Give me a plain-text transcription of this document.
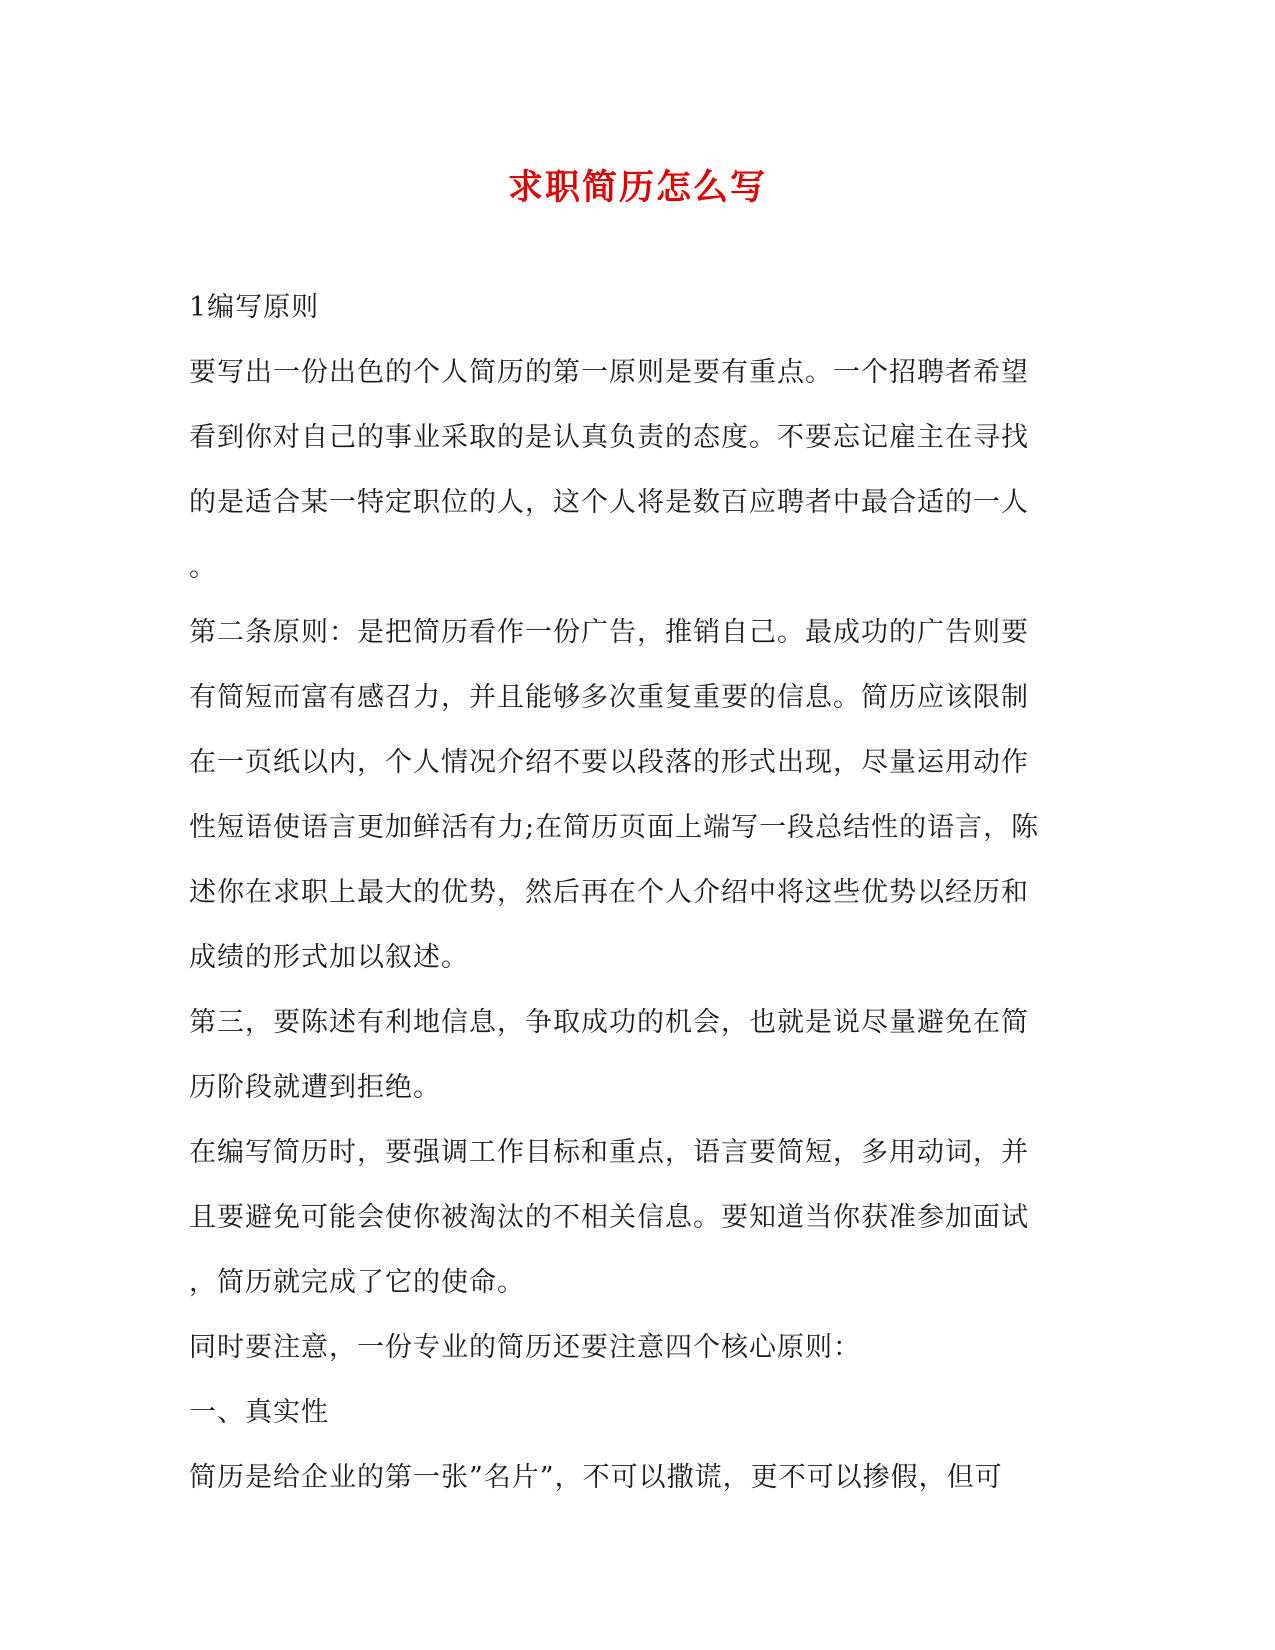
求职简历怎么写
1编写原则
要写出一份出色的个人简历的第一原则是要有重点。一个招聘者希望
看到你对自己的事业采取的是认真负责的态度。不要忘记雇主在寻找
的是适合某一特定职位的人，这个人将是数百应聘者中最合适的一人
。
第二条原则：是把简历看作一份广告，推销自己。最成功的广告则要
有简短而富有感召力，并且能够多次重复重要的信息。简历应该限制
在一页纸以内，个人情况介绍不要以段落的形式出现，尽量运用动作
性短语使语言更加鲜活有力;在简历页面上端写一段总结性的语言，陈
述你在求职上最大的优势，然后再在个人介绍中将这些优势以经历和
成绩的形式加以叙述。
第三，要陈述有利地信息，争取成功的机会，也就是说尽量避免在简
历阶段就遭到拒绝。
在编写简历时，要强调工作目标和重点，语言要简短，多用动词，并
且要避免可能会使你被淘汰的不相关信息。要知道当你获准参加面试
，简历就完成了它的使命。
同时要注意，一份专业的简历还要注意四个核心原则：
一、真实性
简历是给企业的第一张”名片”，不可以撒谎，更不可以掺假，但可
